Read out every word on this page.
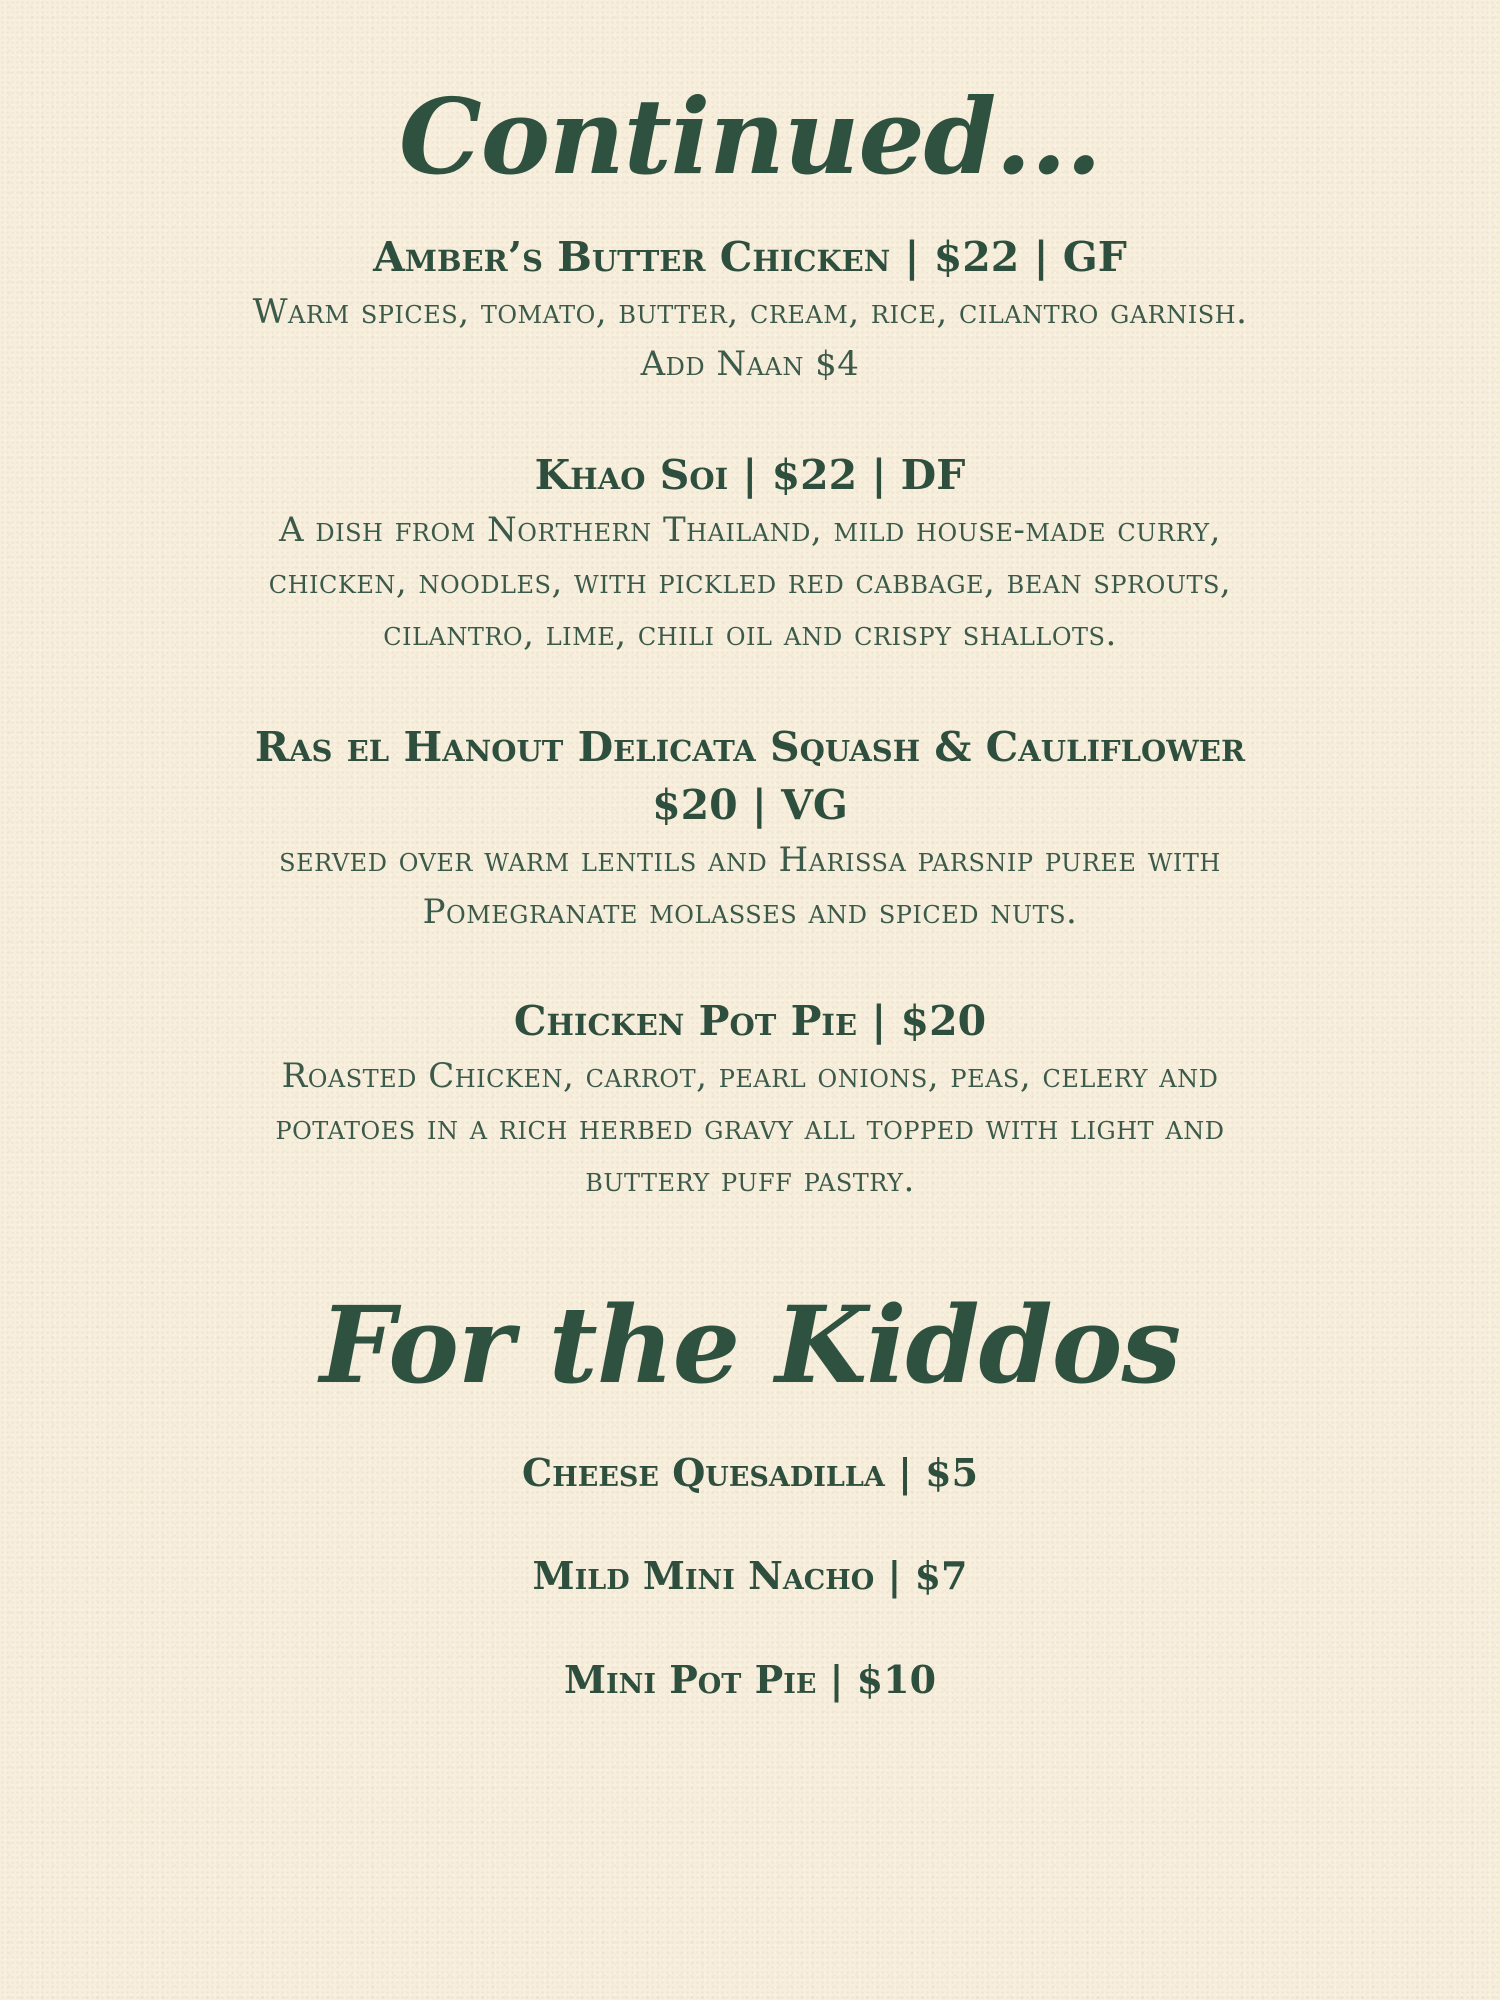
Continued...

Amber’s Butter Chicken | $22 | GF

Warm spices, tomato, butter, cream, rice, cilantro garnish.

Add Naan $4

Khao Soi | $22 | DF

A dish from Northern Thailand, mild house-made curry,

chicken, noodles, with pickled red cabbage, bean sprouts,

cilantro, lime, chili oil and crispy shallots.

Ras el Hanout Delicata Squash & Cauliflower

$20 | VG

served over warm lentils and Harissa parsnip puree with

Pomegranate molasses and spiced nuts.

Chicken Pot Pie | $20

Roasted Chicken, carrot, pearl onions, peas, celery and

potatoes in a rich herbed gravy all topped with light and

buttery puff pastry.

For the Kiddos

Cheese Quesadilla | $5

Mild Mini Nacho | $7

Mini Pot Pie | $10
